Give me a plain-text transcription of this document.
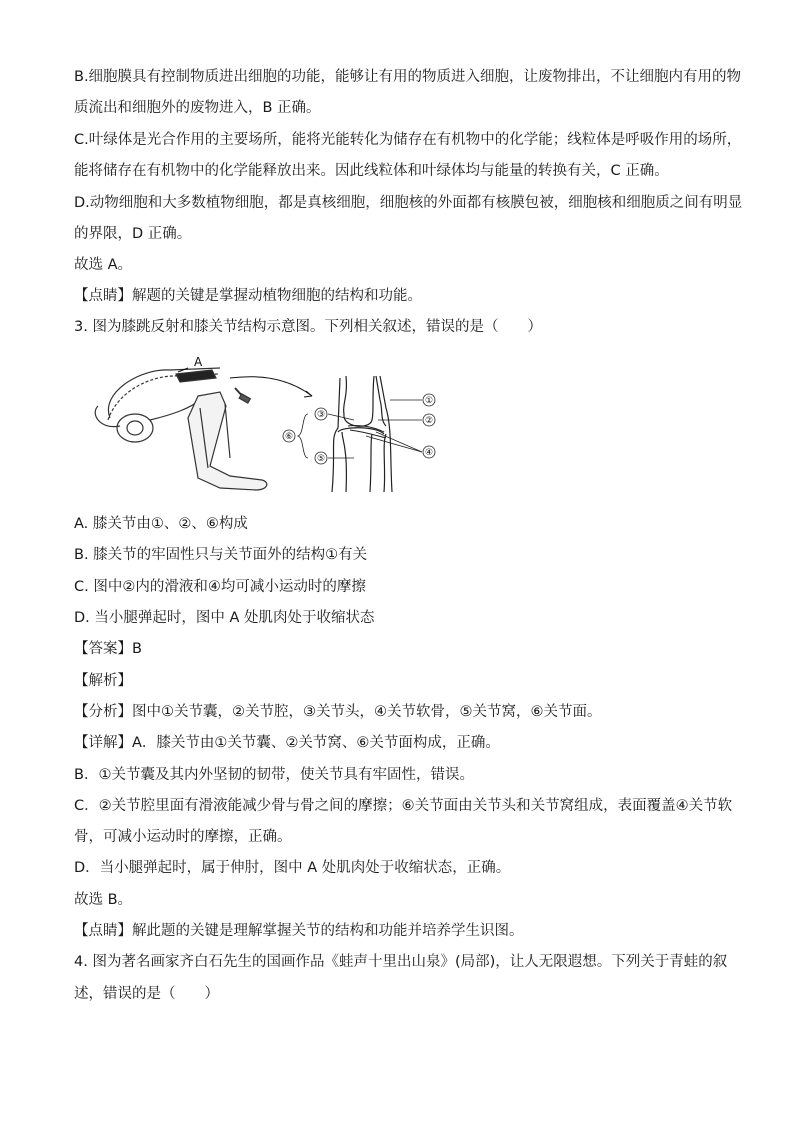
B.细胞膜具有控制物质进出细胞的功能，能够让有用的物质进入细胞，让废物排出，不让细胞内有用的物
质流出和细胞外的废物进入，B 正确。
C.叶绿体是光合作用的主要场所，能将光能转化为储存在有机物中的化学能；线粒体是呼吸作用的场所，
能将储存在有机物中的化学能释放出来。因此线粒体和叶绿体均与能量的转换有关，C 正确。
D.动物细胞和大多数植物细胞，都是真核细胞，细胞核的外面都有核膜包被，细胞核和细胞质之间有明显
的界限，D 正确。
故选 A。
【点睛】解题的关键是掌握动植物细胞的结构和功能。
3. 图为膝跳反射和膝关节结构示意图。下列相关叙述，错误的是（　　）
A
①
②
③
④
⑤
⑥
A. 膝关节由①、②、⑥构成
B. 膝关节的牢固性只与关节面外的结构①有关
C. 图中②内的滑液和④均可减小运动时的摩擦
D. 当小腿弹起时，图中 A 处肌肉处于收缩状态
【答案】B
【解析】
【分析】图中①关节囊，②关节腔，③关节头，④关节软骨，⑤关节窝，⑥关节面。
【详解】A．膝关节由①关节囊、②关节窝、⑥关节面构成，正确。
B．①关节囊及其内外坚韧的韧带，使关节具有牢固性，错误。
C．②关节腔里面有滑液能减少骨与骨之间的摩擦；⑥关节面由关节头和关节窝组成，表面覆盖④关节软
骨，可减小运动时的摩擦，正确。
D．当小腿弹起时，属于伸肘，图中 A 处肌肉处于收缩状态，正确。
故选 B。
【点睛】解此题的关键是理解掌握关节的结构和功能并培养学生识图。
4. 图为著名画家齐白石先生的国画作品《蛙声十里出山泉》(局部)，让人无限遐想。下列关于青蛙的叙
述，错误的是（　　）
